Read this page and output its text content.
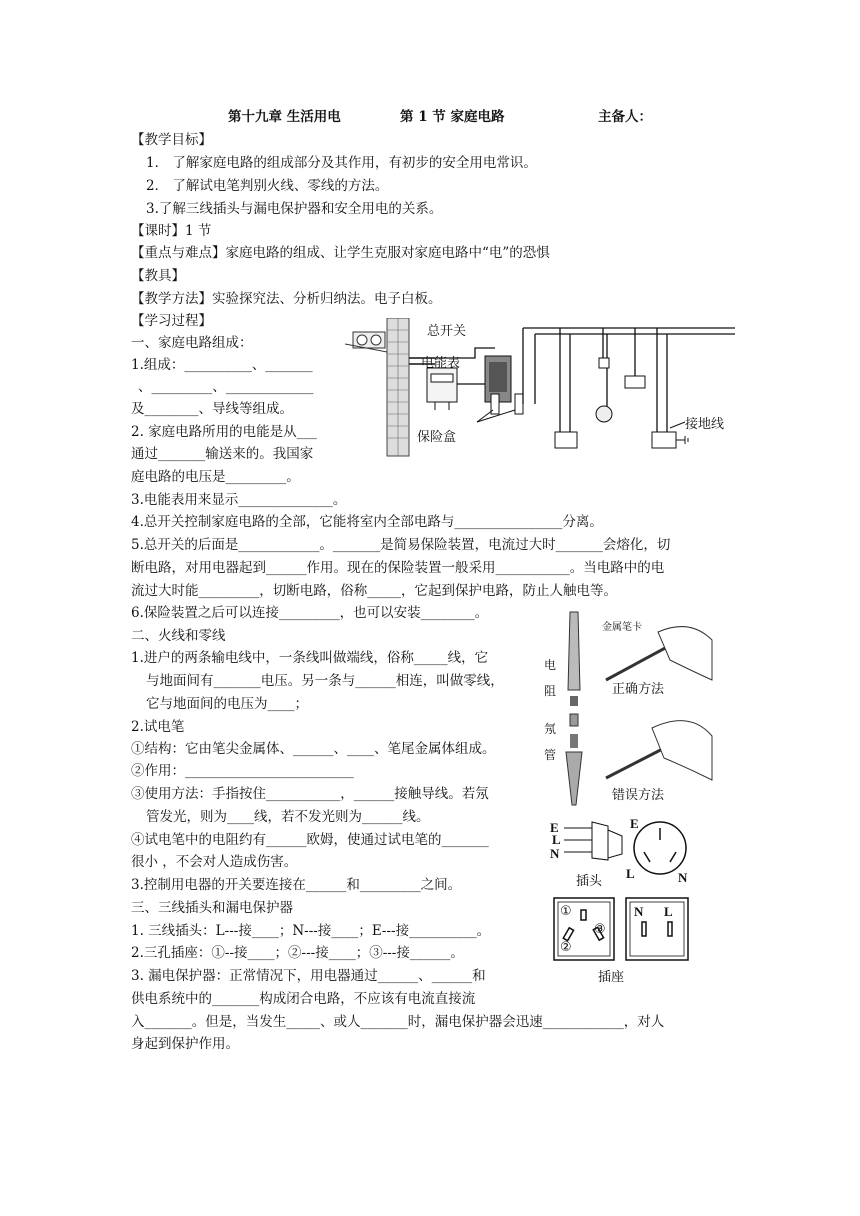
第十九章 生活用电	第 1 节 家庭电路	主备人：
【教学目标】
1． 了解家庭电路的组成部分及其作用，有初步的安全用电常识。
2． 了解试电笔判别火线、零线的方法。
3.了解三线插头与漏电保护器和安全用电的关系。
【课时】1 节
【重点与难点】家庭电路的组成、让学生克服对家庭电路中“电”的恐惧
【教具】
【教学方法】实验探究法、分析归纳法。电子白板。
【学习过程】
一、家庭电路组成：
1.组成：__________、_______
、_________、_____________
及________、导线等组成。
2. 家庭电路所用的电能是从___
通过_______输送来的。我国家
庭电路的电压是_________。
3.电能表用来显示______________。
4.总开关控制家庭电路的全部，它能将室内全部电路与________________分离。
5.总开关的后面是____________。_______是简易保险装置，电流过大时_______会熔化，切
断电路，对用电器起到______作用。现在的保险装置一般采用___________。当电路中的电
流过大时能_________，切断电路，俗称_____，它起到保护电路，防止人触电等。
6.保险装置之后可以连接_________，也可以安装________。
二、火线和零线
1.进户的两条输电线中，一条线叫做端线，俗称_____线，它
与地面间有_______电压。另一条与______相连，叫做零线，
它与地面间的电压为____；
2.试电笔
①结构：它由笔尖金属体、______、____、笔尾金属体组成。
②作用：_________________________
③使用方法：手指按住___________，______接触导线。若氖
管发光，则为____线，若不发光则为______线。
④试电笔中的电阻约有______欧姆，使通过试电笔的_______
很小 ，不会对人造成伤害。
3.控制用电器的开关要连接在______和_________之间。
三、三线插头和漏电保护器
1. 三线插头：L---接____；N---接____；E---接__________。
2.三孔插座：①--接____；②---接____；③---接______。
3. 漏电保护器：正常情况下，用电器通过______、______和
供电系统中的_______构成闭合电路，不应该有电流直接流
入_______。但是，当发生_____、或人_______时，漏电保护器会迅速____________，对人
身起到保护作用。
总开关
电能表
保险盒
接地线
电
阻
氖
管
金属笔卡
正确方法
错误方法
E
L
N
E
L	N
插头
①
②
③
N L
插座
